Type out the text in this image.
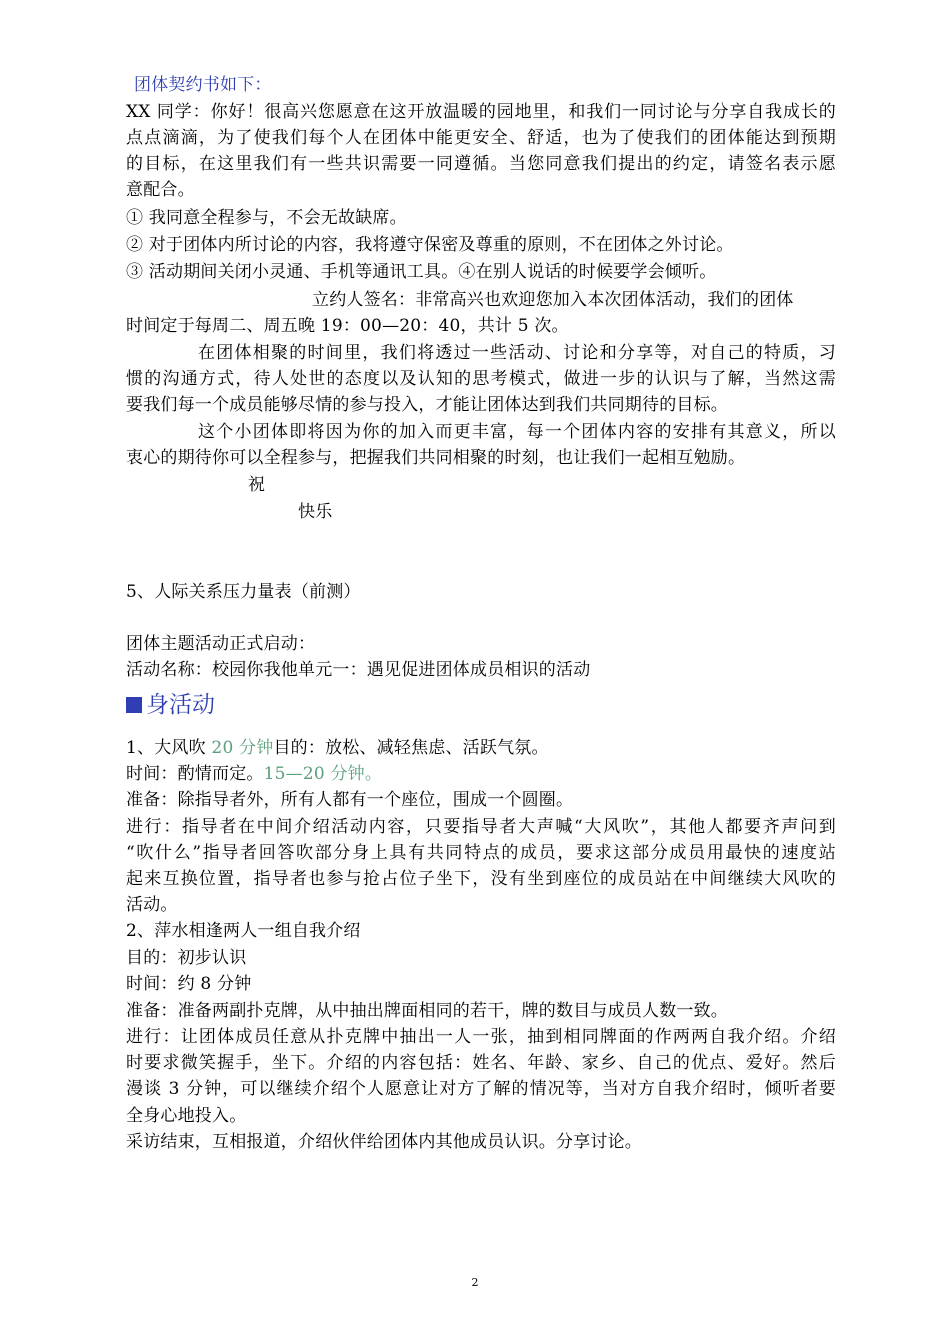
团体契约书如下：
XX 同学：你好！很高兴您愿意在这开放温暖的园地里，和我们一同讨论与分享自我成长的
点点滴滴，为了使我们每个人在团体中能更安全、舒适，也为了使我们的团体能达到预期
的目标，在这里我们有一些共识需要一同遵循。当您同意我们提出的约定，请签名表示愿
意配合。
① 我同意全程参与，不会无故缺席。
② 对于团体内所讨论的内容，我将遵守保密及尊重的原则，不在团体之外讨论。
③ 活动期间关闭小灵通、手机等通讯工具。④在别人说话的时候要学会倾听。
立约人签名：非常高兴也欢迎您加入本次团体活动，我们的团体
时间定于每周二、周五晚 19：00—20：40，共计 5 次。
在团体相聚的时间里，我们将透过一些活动、讨论和分享等，对自己的特质，习
惯的沟通方式，待人处世的态度以及认知的思考模式，做进一步的认识与了解，当然这需
要我们每一个成员能够尽情的参与投入，才能让团体达到我们共同期待的目标。
这个小团体即将因为你的加入而更丰富，每一个团体内容的安排有其意义，所以
衷心的期待你可以全程参与，把握我们共同相聚的时刻，也让我们一起相互勉励。
祝
快乐
5、人际关系压力量表（前测）
团体主题活动正式启动：
活动名称：校园你我他单元一：遇见促进团体成员相识的活动
身活动
1、大风吹 20 分钟目的：放松、减轻焦虑、活跃气氛。
时间：酌情而定。15—20 分钟。
准备：除指导者外，所有人都有一个座位，围成一个圆圈。
进行：指导者在中间介绍活动内容，只要指导者大声喊“大风吹”，其他人都要齐声问到
“吹什么”指导者回答吹部分身上具有共同特点的成员，要求这部分成员用最快的速度站
起来互换位置，指导者也参与抢占位子坐下，没有坐到座位的成员站在中间继续大风吹的
活动。
2、萍水相逢两人一组自我介绍
目的：初步认识
时间：约 8 分钟
准备：准备两副扑克牌，从中抽出牌面相同的若干，牌的数目与成员人数一致。
进行：让团体成员任意从扑克牌中抽出一人一张，抽到相同牌面的作两两自我介绍。介绍
时要求微笑握手，坐下。介绍的内容包括：姓名、年龄、家乡、自己的优点、爱好。然后
漫谈 3 分钟，可以继续介绍个人愿意让对方了解的情况等，当对方自我介绍时，倾听者要
全身心地投入。
采访结束，互相报道，介绍伙伴给团体内其他成员认识。分享讨论。
2
